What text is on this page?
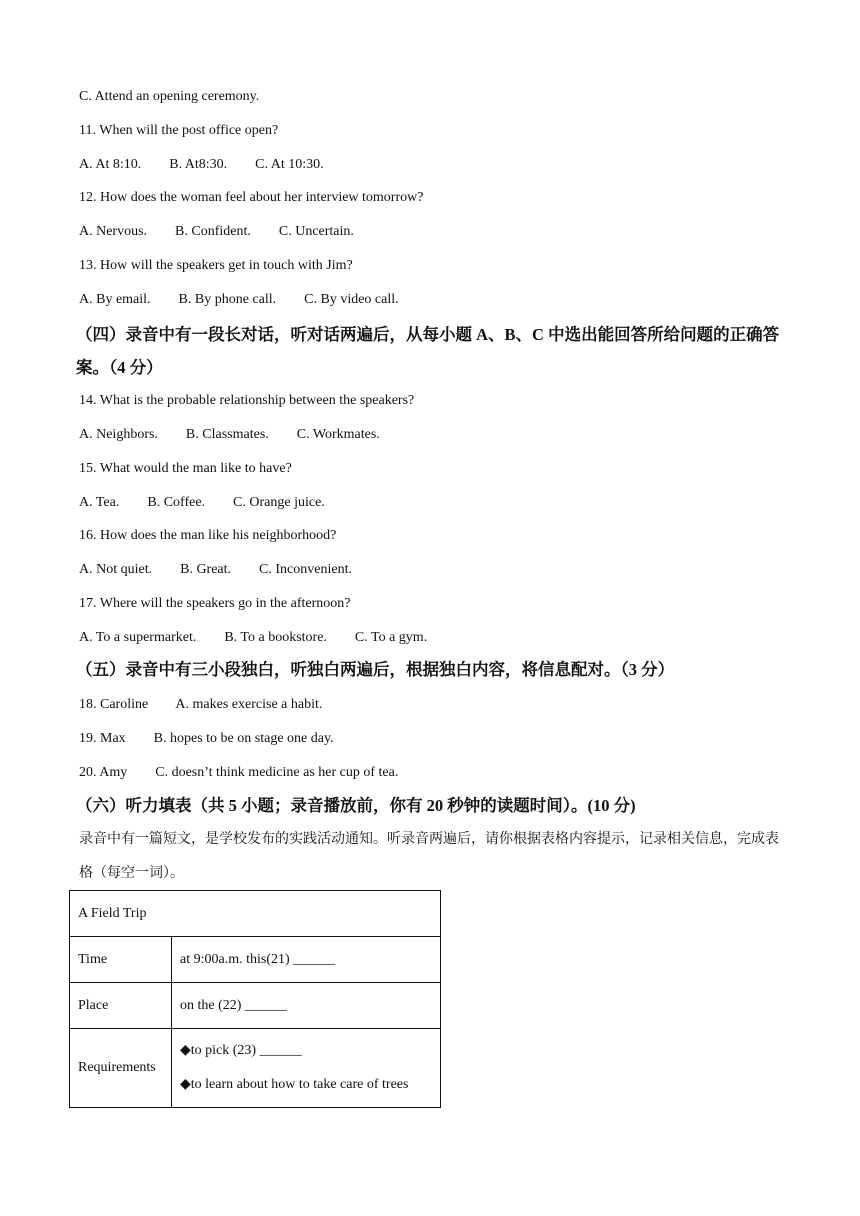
C. Attend an opening ceremony.
11. When will the post office open?
A. At 8:10.        B. At8:30.        C. At 10:30.
12. How does the woman feel about her interview tomorrow?
A. Nervous.        B. Confident.        C. Uncertain.
13. How will the speakers get in touch with Jim?
A. By email.        B. By phone call.        C. By video call.
（四）录音中有一段长对话，听对话两遍后，从每小题 A、B、C 中选出能回答所给问题的正确答案。（4 分）
14. What is the probable relationship between the speakers?
A. Neighbors.        B. Classmates.        C. Workmates.
15. What would the man like to have?
A. Tea.        B. Coffee.        C. Orange juice.
16. How does the man like his neighborhood?
A. Not quiet.        B. Great.        C. Inconvenient.
17. Where will the speakers go in the afternoon?
A. To a supermarket.        B. To a bookstore.        C. To a gym.
（五）录音中有三小段独白，听独白两遍后，根据独白内容，将信息配对。（3 分）
18. Caroline        A. makes exercise a habit.
19. Max        B. hopes to be on stage one day.
20. Amy        C. doesn’t think medicine as her cup of tea.
（六）听力填表（共 5 小题；录音播放前，你有 20 秒钟的读题时间）。(10 分)
录音中有一篇短文，是学校发布的实践活动通知。听录音两遍后，请你根据表格内容提示，记录相关信息，完成表格（每空一词）。
A Field Trip	
Time	at 9:00a.m. this(21) ______
Place	on the (22) ______
Requirements	◆to pick (23) ______
◆to learn about how to take care of trees
